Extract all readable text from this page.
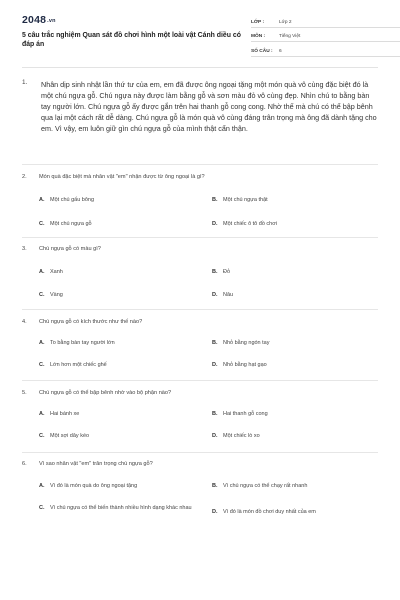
2048.vn
5 câu trắc nghiệm Quan sát đồ chơi hình một loài vật Cánh diều có đáp án
LỚP :	Lớp 2
MÔN :	Tiếng Việt
SỐ CÂU :	6
1. Nhân dịp sinh nhật lần thứ tư của em, em đã được ông ngoại tặng một món quà vô cùng đặc biệt đó là một chú ngựa gỗ. Chú ngựa này được làm bằng gỗ và sơn màu đỏ vô cùng đẹp. Nhìn chú to bằng bàn tay người lớn. Chú ngựa gỗ ấy được gắn trên hai thanh gỗ cong cong. Nhờ thế mà chú có thể bập bênh qua lại một cách rất dễ dàng. Chú ngựa gỗ là món quà vô cùng đáng trân trọng mà ông đã dành tặng cho em. Vì vậy, em luôn giữ gìn chú ngựa gỗ của mình thật cẩn thận.
2.	Món quà đặc biệt mà nhân vật "em" nhận được từ ông ngoại là gì?
A.	Một chú gấu bông	B.	Một chú ngựa thật
C.	Một chú ngựa gỗ	D.	Một chiếc ô tô đồ chơi
3.	Chú ngựa gỗ có màu gì?
A.	Xanh	B.	Đỏ
C.	Vàng	D.	Nâu
4.	Chú ngựa gỗ có kích thước như thế nào?
A.	To bằng bàn tay người lớn	B.	Nhỏ bằng ngón tay
C.	Lớn hơn một chiếc ghế	D.	Nhỏ bằng hạt gạo
5.	Chú ngựa gỗ có thể bập bênh nhờ vào bộ phận nào?
A.	Hai bánh xe	B.	Hai thanh gỗ cong
C.	Một sợi dây kéo	D.	Một chiếc lò xo
6.	Vì sao nhân vật "em" trân trọng chú ngựa gỗ?
A.	Vì đó là món quà do ông ngoại tặng	B.	Vì chú ngựa có thể chạy rất nhanh
C.	Vì chú ngựa có thể biến thành nhiều hình dạng khác nhau
D.	Vì đó là món đồ chơi duy nhất của em
